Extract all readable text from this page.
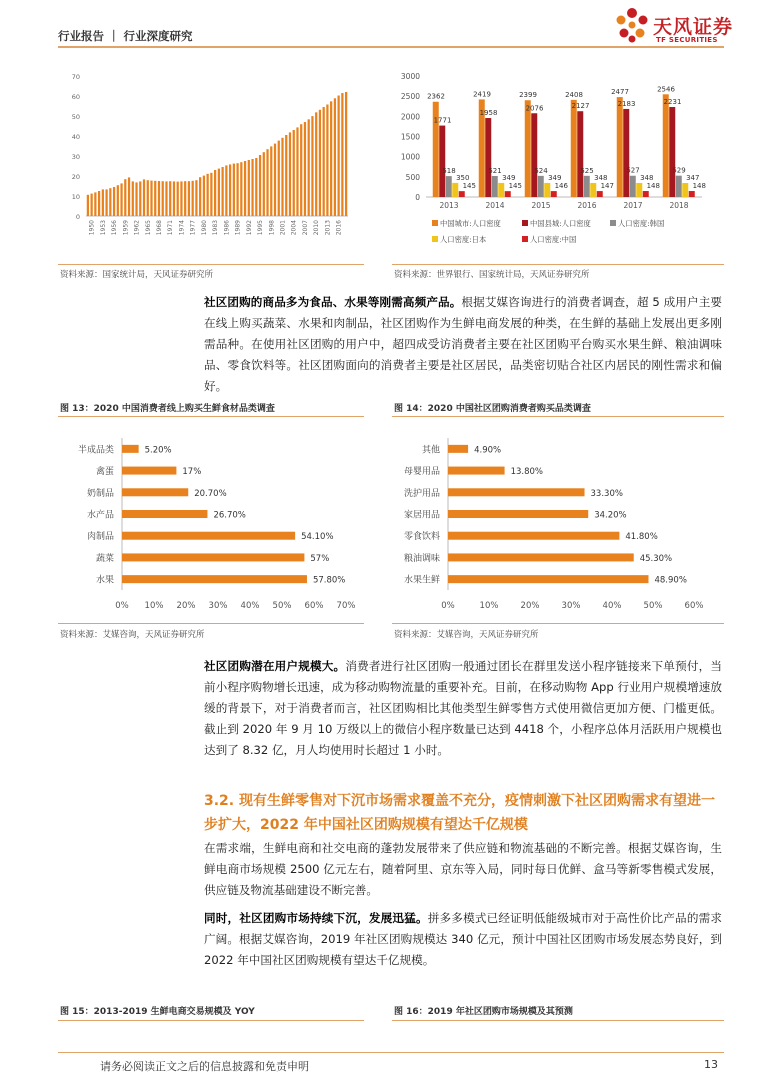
行业报告 ｜ 行业深度研究	天风证券
TF SECURITIES
0
10
20
30
40
50
60
70
1950 1953 1956 1959 1962 1965 1968 1971 1974 1977 1980 1983 1986 1989 1992 1995 1998 2001 2004 2007 2010 2013 2016
资料来源：国家统计局，天风证券研究所
0
500
1000
1500
2000
2500
3000
2362
1771
518
350
145
2013
2419
1958
521
349
145
2014
2399
2076
524
349
146
2015
2408
2127
525
348
147
2016
2477
2183
527
348
148
2017
2546
2231
529
347
148
2018
中国城市:人口密度	中国县城:人口密度	人口密度:韩国
人口密度:日本	人口密度:中国
资料来源：世界银行、国家统计局，天风证券研究所
社区团购的商品多为食品、水果等刚需高频产品。根据艾媒咨询进行的消费者调查，超 5 成用户主要在线上购买蔬菜、水果和肉制品，社区团购作为生鲜电商发展的种类，在生鲜的基础上发展出更多刚需品种。在使用社区团购的用户中，超四成受访消费者主要在社区团购平台购买水果生鲜、粮油调味品、零食饮料等。社区团购面向的消费者主要是社区居民，品类密切贴合社区内居民的刚性需求和偏好。
图 13：2020 中国消费者线上购买生鲜食材品类调查	图 14：2020 中国社区团购消费者购买品类调查
半成品类	5.20%
禽蛋	17%
奶制品	20.70%
水产品	26.70%
肉制品	54.10%
蔬菜	57%
水果	57.80%
0% 10% 20% 30% 40% 50% 60% 70%
资料来源：艾媒咨询，天风证券研究所
其他	4.90%
母婴用品	13.80%
洗护用品	33.30%
家居用品	34.20%
零食饮料	41.80%
粮油调味	45.30%
水果生鲜	48.90%
0%	10%	20%	30%	40%	50%	60%
资料来源：艾媒咨询，天风证券研究所
社区团购潜在用户规模大。消费者进行社区团购一般通过团长在群里发送小程序链接来下单预付，当前小程序购物增长迅速，成为移动购物流量的重要补充。目前，在移动购物 App 行业用户规模增速放缓的背景下，对于消费者而言，社区团购相比其他类型生鲜零售方式使用微信更加方便、门槛更低。截止到 2020 年 9 月 10 万级以上的微信小程序数量已达到 4418 个，小程序总体月活跃用户规模也达到了 8.32 亿，月人均使用时长超过 1 小时。
3.2. 现有生鲜零售对下沉市场需求覆盖不充分，疫情刺激下社区团购需求有望进一步扩大，2022 年中国社区团购规模有望达千亿规模
在需求端，生鲜电商和社交电商的蓬勃发展带来了供应链和物流基础的不断完善。根据艾媒咨询，生鲜电商市场规模 2500 亿元左右，随着阿里、京东等入局，同时每日优鲜、盒马等新零售模式发展，供应链及物流基础建设不断完善。
同时，社区团购市场持续下沉，发展迅猛。拼多多模式已经证明低能级城市对于高性价比产品的需求广阔。根据艾媒咨询，2019 年社区团购规模达 340 亿元，预计中国社区团购市场发展态势良好，到 2022 年中国社区团购规模有望达千亿规模。
图 15：2013-2019 生鲜电商交易规模及 YOY	图 16：2019 年社区团购市场规模及其预测
请务必阅读正文之后的信息披露和免责申明	13
